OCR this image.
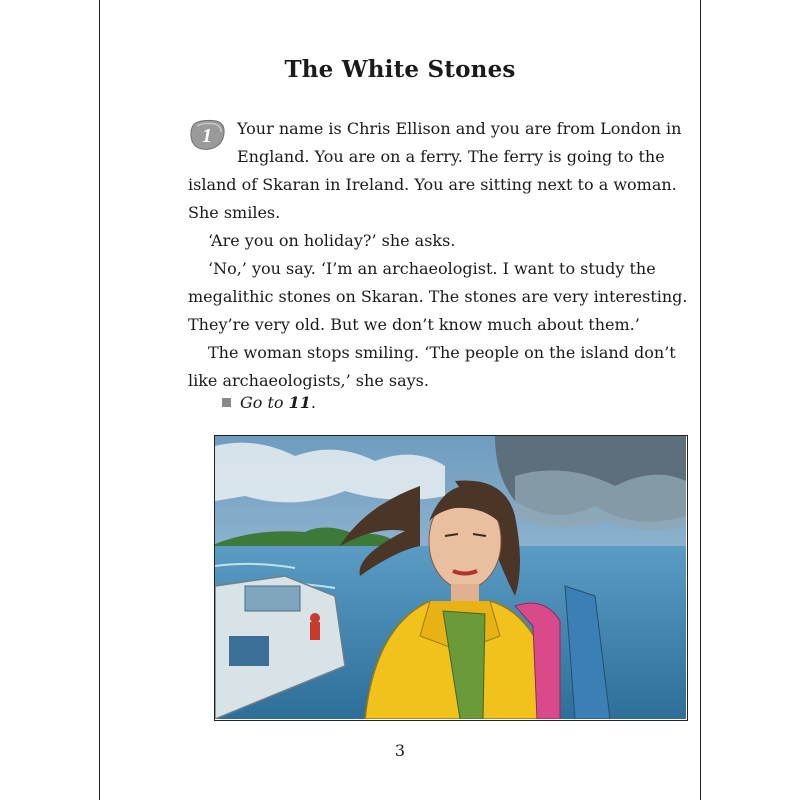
The White Stones
1 Your name is Chris Ellison and you are from London in
England. You are on a ferry. The ferry is going to the
island of Skaran in Ireland. You are sitting next to a woman.
She smiles.
‘Are you on holiday?’ she asks.
‘No,’ you say. ‘I’m an archaeologist. I want to study the
megalithic stones on Skaran. The stones are very interesting.
They’re very old. But we don’t know much about them.’
The woman stops smiling. ‘The people on the island don’t
like archaeologists,’ she says.
Go to 11.
3
